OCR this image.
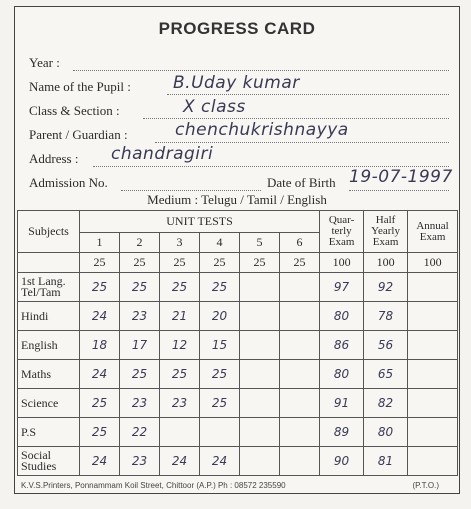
PROGRESS CARD
Year :
Name of the Pupil : B.Uday kumar
Class & Section :	X class
Parent / Guardian :	chenchukrishnayya
Address : chandragiri
Admission No.	Date of Birth 19-07-1997
Medium : Telugu / Tamil / English
Subjects	UNIT TESTS						Quar-terly Exam	Half Yearly Exam	Annual Exam
	1	2	3	4	5	6			
	25	25	25	25	25	25	100	100	100
1st Lang. Tel/Tam	25	25	25	25			97	92	
Hindi	24	23	21	20			80	78	
English	18	17	12	15			86	56	
Maths	24	25	25	25			80	65	
Science	25	23	23	25			91	82	
P.S	25	22					89	80	
Social Studies	24	23	24	24			90	81	
K.V.S.Printers, Ponnammam Koil Street, Chittoor (A.P.) Ph : 08572 235590	(P.T.O.)
